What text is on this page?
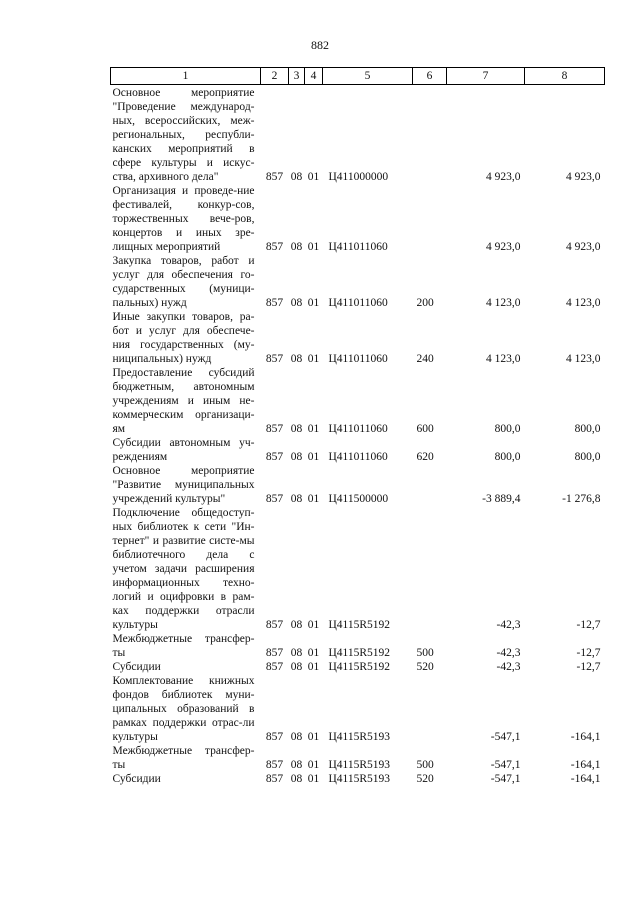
882
1	2	3	4	5	6	7	8

Основное мероприятие "Проведение международ-ных, всероссийских, меж-региональных, республи-канских мероприятий в сфере культуры и искус-ства, архивного дела"	857	08	01	Ц411000000		4 923,0	4 923,0
Организация и проведе-ние фестивалей, конкур-сов, торжественных вече-ров, концертов и иных зре-лищных мероприятий	857	08	01	Ц411011060		4 923,0	4 923,0
Закупка товаров, работ и услуг для обеспечения го-сударственных (муници-пальных) нужд	857	08	01	Ц411011060	200	4 123,0	4 123,0
Иные закупки товаров, ра-бот и услуг для обеспече-ния государственных (му-ниципальных) нужд	857	08	01	Ц411011060	240	4 123,0	4 123,0
Предоставление субсидий бюджетным, автономным учреждениям и иным не-коммерческим организаци-ям	857	08	01	Ц411011060	600	800,0	800,0
Субсидии автономным уч-реждениям	857	08	01	Ц411011060	620	800,0	800,0
Основное мероприятие "Развитие муниципальных учреждений культуры"	857	08	01	Ц411500000		-3 889,4	-1 276,8
Подключение общедоступ-ных библиотек к сети "Ин-тернет" и развитие систе-мы библиотечного дела с учетом задачи расширения информационных техно-логий и оцифровки в рам-ках поддержки отрасли культуры	857	08	01	Ц4115R5192		-42,3	-12,7
Межбюджетные трансфер-ты	857	08	01	Ц4115R5192	500	-42,3	-12,7
Субсидии	857	08	01	Ц4115R5192	520	-42,3	-12,7
Комплектование книжных фондов библиотек муни-ципальных образований в рамках поддержки отрас-ли культуры	857	08	01	Ц4115R5193		-547,1	-164,1
Межбюджетные трансфер-ты	857	08	01	Ц4115R5193	500	-547,1	-164,1
Субсидии	857	08	01	Ц4115R5193	520	-547,1	-164,1
